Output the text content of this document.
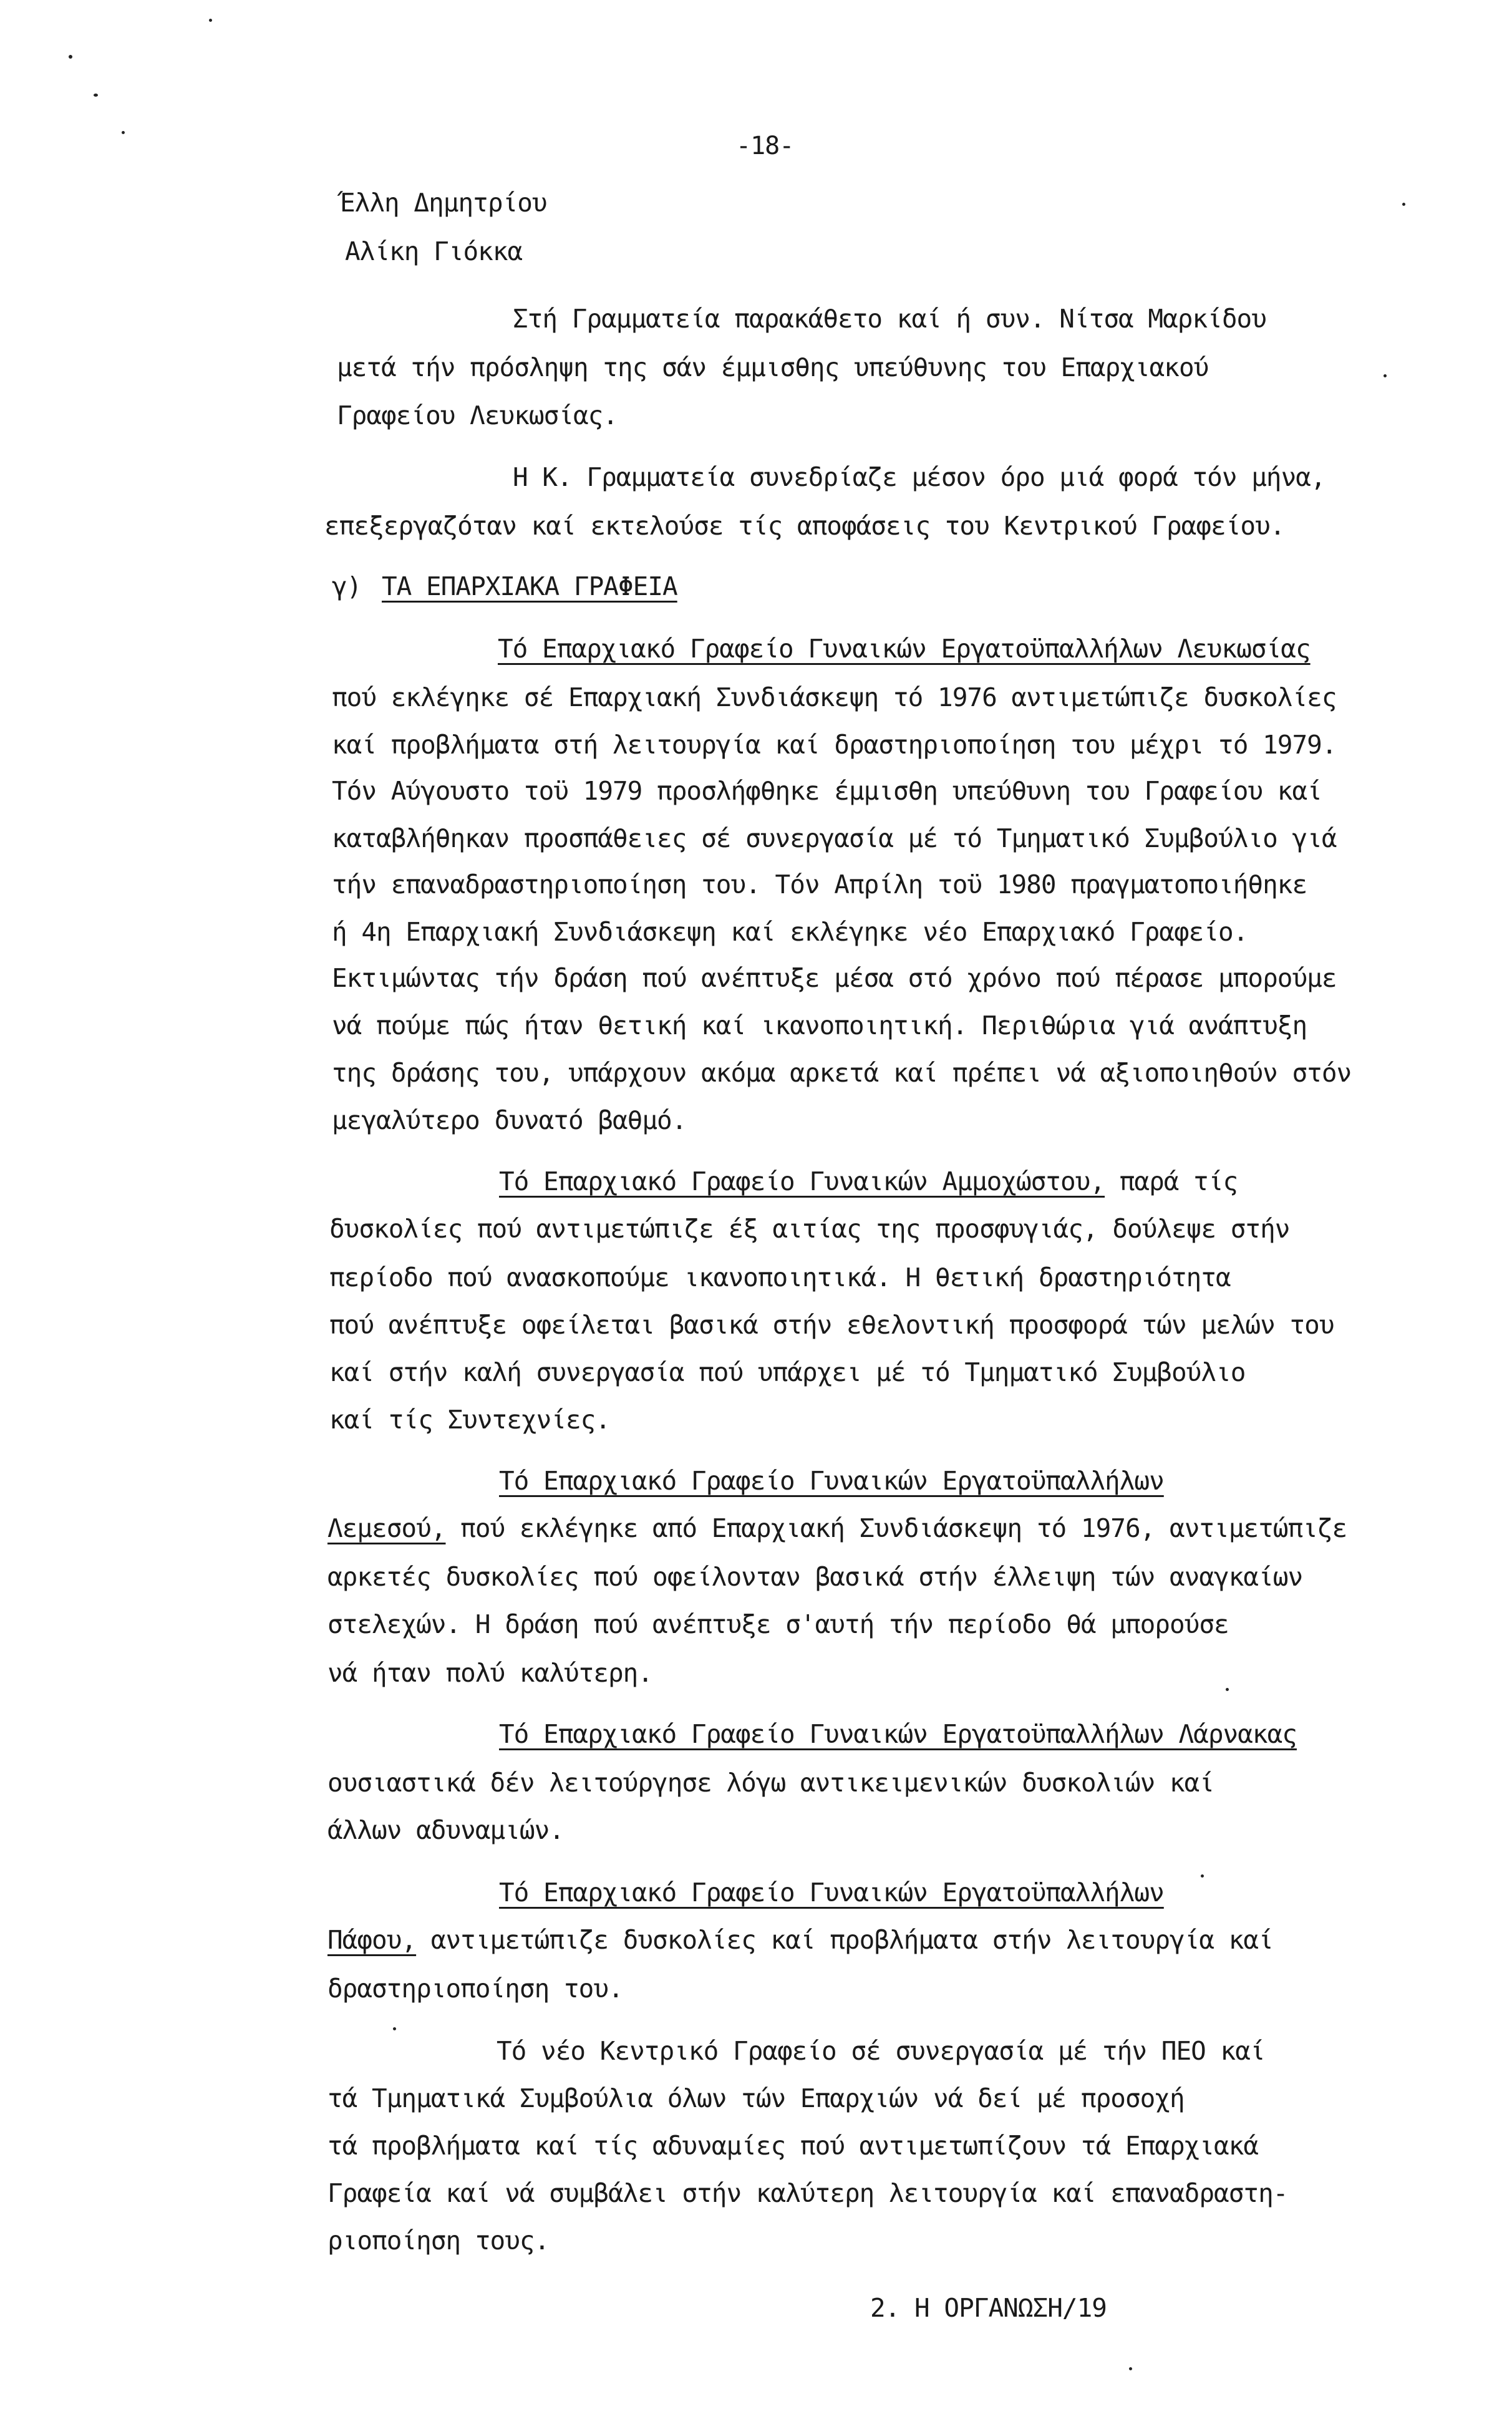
-18-
Έλλη Δημητρίου
Αλίκη Γιόκκα
Στή Γραμματεία παρακάθετο καί ή συν. Νίτσα Μαρκίδου
μετά τήν πρόσληψη της σάν έμμισθης υπεύθυνης του Επαρχιακού
Γραφείου Λευκωσίας.
Η Κ. Γραμματεία συνεδρίαζε μέσον όρο μιά φορά τόν μήνα,
επεξεργαζόταν καί εκτελούσε τίς αποφάσεις του Κεντρικού Γραφείου.
γ) ΤΑ ΕΠΑΡΧΙΑΚΑ ΓΡΑΦΕΙΑ
Τό Επαρχιακό Γραφείο Γυναικών Εργατοϋπαλλήλων Λευκωσίας
πού εκλέγηκε σέ Επαρχιακή Συνδιάσκεψη τό 1976 αντιμετώπιζε δυσκολίες
καί προβλήματα στή λειτουργία καί δραστηριοποίηση του μέχρι τό 1979.
Τόν Αύγουστο τοϋ 1979 προσλήφθηκε έμμισθη υπεύθυνη του Γραφείου καί
καταβλήθηκαν προσπάθειες σέ συνεργασία μέ τό Τμηματικό Συμβούλιο γιά
τήν επαναδραστηριοποίηση του. Τόν Απρίλη τοϋ 1980 πραγματοποιήθηκε
ή 4η Επαρχιακή Συνδιάσκεψη καί εκλέγηκε νέο Επαρχιακό Γραφείο.
Εκτιμώντας τήν δράση πού ανέπτυξε μέσα στό χρόνο πού πέρασε μπορούμε
νά πούμε πώς ήταν θετική καί ικανοποιητική. Περιθώρια γιά ανάπτυξη
της δράσης του, υπάρχουν ακόμα αρκετά καί πρέπει νά αξιοποιηθούν στόν
μεγαλύτερο δυνατό βαθμό.
Τό Επαρχιακό Γραφείο Γυναικών Αμμοχώστου, παρά τίς
δυσκολίες πού αντιμετώπιζε έξ αιτίας της προσφυγιάς, δούλεψε στήν
περίοδο πού ανασκοπούμε ικανοποιητικά. Η θετική δραστηριότητα
πού ανέπτυξε οφείλεται βασικά στήν εθελοντική προσφορά τών μελών του
καί στήν καλή συνεργασία πού υπάρχει μέ τό Τμηματικό Συμβούλιο
καί τίς Συντεχνίες.
Τό Επαρχιακό Γραφείο Γυναικών Εργατοϋπαλλήλων
Λεμεσού, πού εκλέγηκε από Επαρχιακή Συνδιάσκεψη τό 1976, αντιμετώπιζε
αρκετές δυσκολίες πού οφείλονταν βασικά στήν έλλειψη τών αναγκαίων
στελεχών. Η δράση πού ανέπτυξε σ'αυτή τήν περίοδο θά μπορούσε
νά ήταν πολύ καλύτερη.
Τό Επαρχιακό Γραφείο Γυναικών Εργατοϋπαλλήλων Λάρνακας
ουσιαστικά δέν λειτούργησε λόγω αντικειμενικών δυσκολιών καί
άλλων αδυναμιών.
Τό Επαρχιακό Γραφείο Γυναικών Εργατοϋπαλλήλων
Πάφου, αντιμετώπιζε δυσκολίες καί προβλήματα στήν λειτουργία καί
δραστηριοποίηση του.
Τό νέο Κεντρικό Γραφείο σέ συνεργασία μέ τήν ΠΕΟ καί
τά Τμηματικά Συμβούλια όλων τών Επαρχιών νά δεί μέ προσοχή
τά προβλήματα καί τίς αδυναμίες πού αντιμετωπίζουν τά Επαρχιακά
Γραφεία καί νά συμβάλει στήν καλύτερη λειτουργία καί επαναδραστη-
ριοποίηση τους.
2. Η ΟΡΓΑΝΩΣΗ/19
